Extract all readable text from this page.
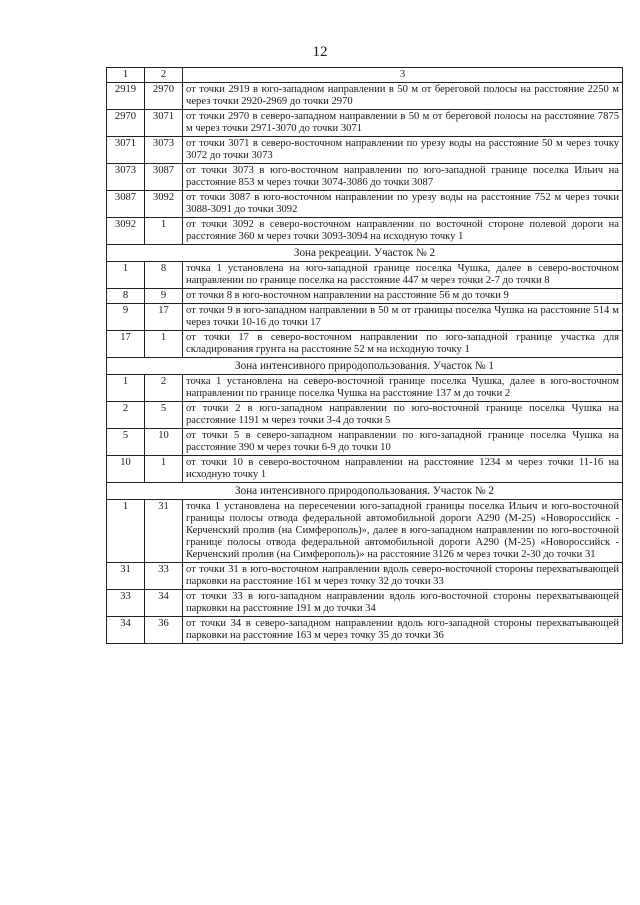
12
1	2	3
2919	2970	от точки 2919 в юго-западном направлении в 50 м от береговой полосы на расстояние 2250 м через точки 2920-2969 до точки 2970
2970	3071	от точки 2970 в северо-западном направлении в 50 м от береговой полосы на расстояние 7875 м через точки 2971-3070 до точки 3071
3071	3073	от точки 3071 в северо-восточном направлении по урезу воды на расстояние 50 м через точку 3072 до точки 3073
3073	3087	от точки 3073 в юго-восточном направлении по юго-западной границе поселка Ильич на расстояние 853 м через точки 3074-3086 до точки 3087
3087	3092	от точки 3087 в юго-восточном направлении по урезу воды на расстояние 752 м через точки 3088-3091 до точки 3092
3092	1	от точки 3092 в северо-восточном направлении по восточной стороне полевой дороги на расстояние 360 м через точки 3093-3094 на исходную точку 1
Зона рекреации. Участок № 2		
1	8	точка 1 установлена на юго-западной границе поселка Чушка, далее в северо-восточном направлении по границе поселка на расстояние 447 м через точки 2-7 до точки 8
8	9	от точки 8 в юго-восточном направлении на расстояние 56 м до точки 9
9	17	от точки 9 в юго-западном направлении в 50 м от границы поселка Чушка на расстояние 514 м через точки 10-16 до точки 17
17	1	от точки 17 в северо-восточном направлении по юго-западной границе участка для складирования грунта на расстояние 52 м на исходную точку 1
Зона интенсивного природопользования. Участок № 1		
1	2	точка 1 установлена на северо-восточной границе поселка Чушка, далее в юго-восточном направлении по границе поселка Чушка на расстояние 137 м до точки 2
2	5	от точки 2 в юго-западном направлении по юго-восточной границе поселка Чушка на расстояние 1191 м через точки 3-4 до точки 5
5	10	от точки 5 в северо-западном направлении по юго-западной границе поселка Чушка на расстояние 390 м через точки 6-9 до точки 10
10	1	от точки 10 в северо-восточном направлении на расстояние 1234 м через точки 11-16 на исходную точку 1
Зона интенсивного природопользования. Участок № 2		
1	31	точка 1 установлена на пересечении юго-западной границы поселка Ильич и юго-восточной границы полосы отвода федеральной автомобильной дороги А290 (М-25) «Новороссийск - Керченский пролив (на Симферополь)», далее в юго-западном направлении по юго-восточной границе полосы отвода федеральной автомобильной дороги А290 (М-25) «Новороссийск - Керченский пролив (на Симферополь)» на расстояние 3126 м через точки 2-30 до точки 31
31	33	от точки 31 в юго-восточном направлении вдоль северо-восточной стороны перехватывающей парковки на расстояние 161 м через точку 32 до точки 33
33	34	от точки 33 в юго-западном направлении вдоль юго-восточной стороны перехватывающей парковки на расстояние 191 м до точки 34
34	36	от точки 34 в северо-западном направлении вдоль юго-западной стороны перехватывающей парковки на расстояние 163 м через точку 35 до точки 36
